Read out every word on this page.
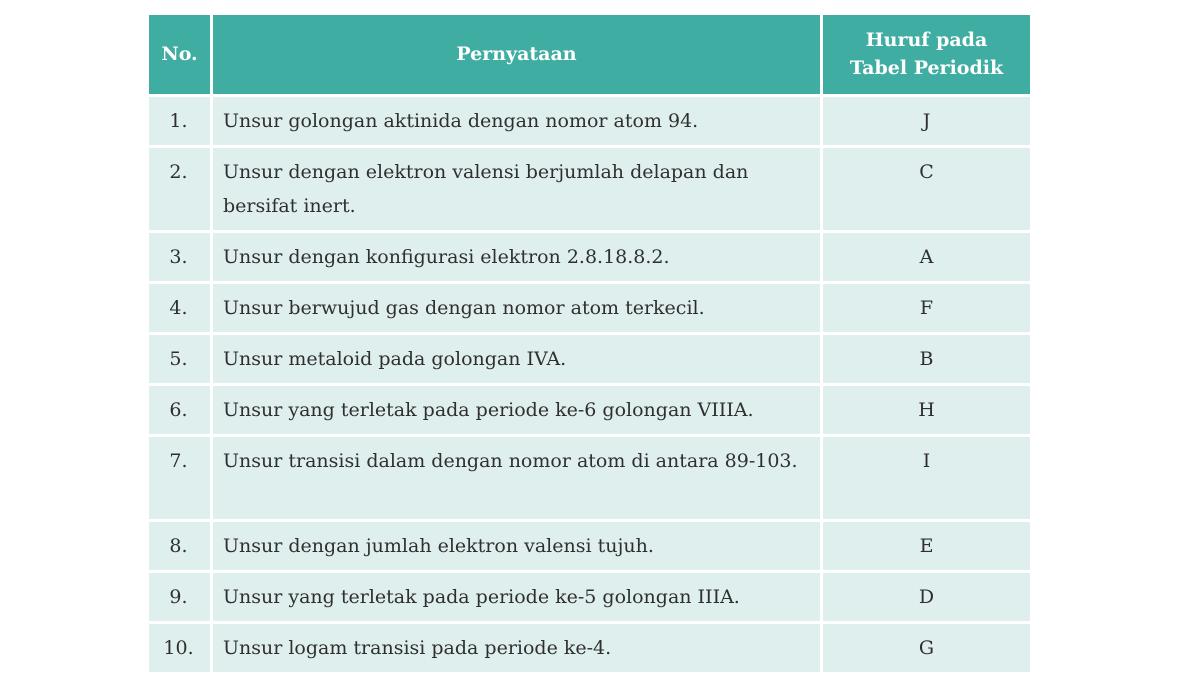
No.	Pernyataan	Huruf pada
Tabel Periodik

1.	Unsur golongan aktinida dengan nomor atom 94.	J
2.	Unsur dengan elektron valensi berjumlah delapan dan bersifat inert.	C
3.	Unsur dengan konfigurasi elektron 2.8.18.8.2.	A
4.	Unsur berwujud gas dengan nomor atom terkecil.	F
5.	Unsur metaloid pada golongan IVA.	B
6.	Unsur yang terletak pada periode ke-6 golongan VIIIA.	H
7.	Unsur transisi dalam dengan nomor atom di antara 89-103.	I
8.	Unsur dengan jumlah elektron valensi tujuh.	E
9.	Unsur yang terletak pada periode ke-5 golongan IIIA.	D
10.	Unsur logam transisi pada periode ke-4.	G
